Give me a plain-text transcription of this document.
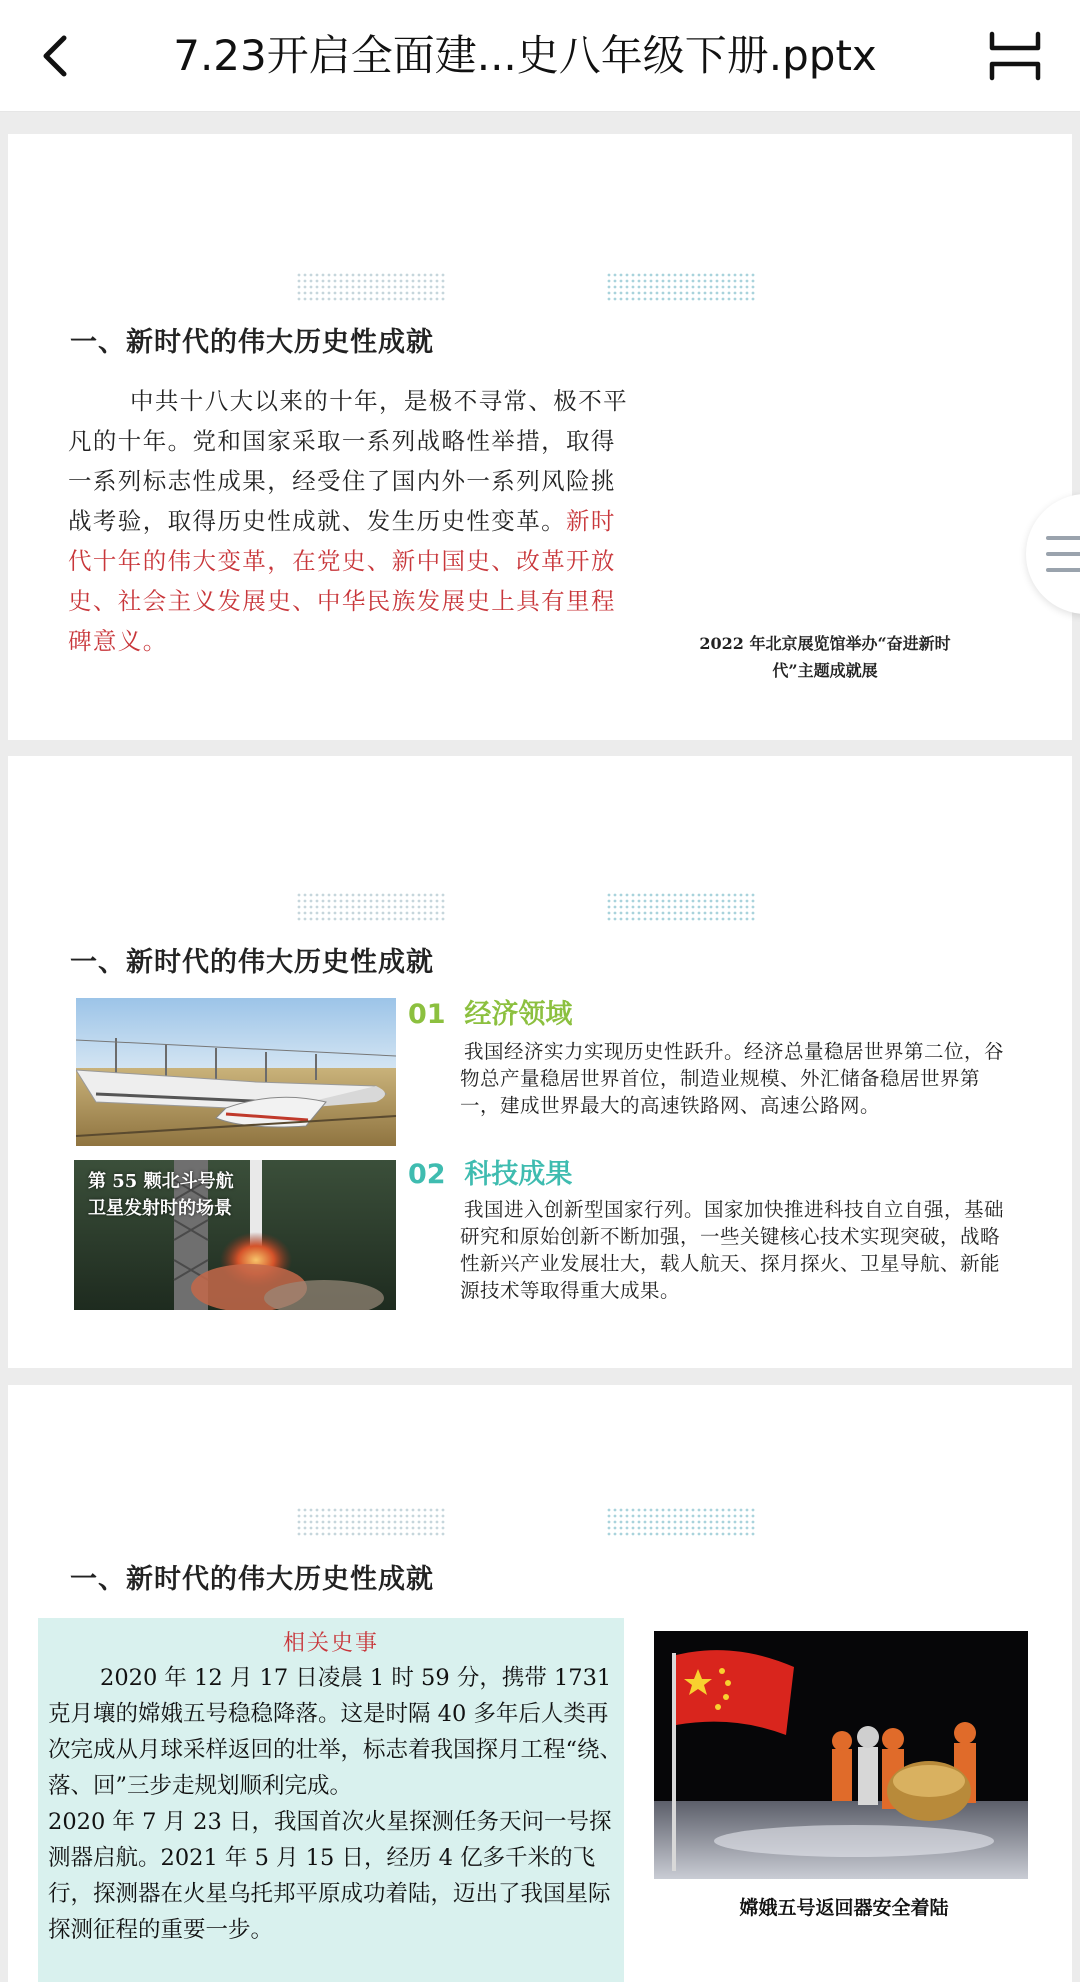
7.23开启全面建...史八年级下册.pptx
一、新时代的伟大历史性成就
中共十八大以来的十年，是极不寻常、极不平凡的十年。党和国家采取一系列战略性举措，取得一系列标志性成果，经受住了国内外一系列风险挑战考验，取得历史性成就、发生历史性变革。新时代十年的伟大变革，在党史、新中国史、改革开放史、社会主义发展史、中华民族发展史上具有里程碑意义。	2022 年北京展览馆举办“奋进新时代”主题成就展
一、新时代的伟大历史性成就
01 经济领域
我国经济实力实现历史性跃升。经济总量稳居世界第二位，谷物总产量稳居世界首位，制造业规模、外汇储备稳居世界第一，建成世界最大的高速铁路网、高速公路网。
第 55 颗北斗号航卫星发射时的场景
02 科技成果
我国进入创新型国家行列。国家加快推进科技自立自强，基础研究和原始创新不断加强，一些关键核心技术实现突破，战略性新兴产业发展壮大，载人航天、探月探火、卫星导航、新能源技术等取得重大成果。
一、新时代的伟大历史性成就
相关史事

2020 年 12 月 17 日凌晨 1 时 59 分，携带 1731 克月壤的嫦娥五号稳稳降落。这是时隔 40 多年后人类再次完成从月球采样返回的壮举，标志着我国探月工程“绕、落、回”三步走规划顺利完成。

2020 年 7 月 23 日，我国首次火星探测任务天问一号探测器启航。2021 年 5 月 15 日，经历 4 亿多千米的飞行，探测器在火星乌托邦平原成功着陆，迈出了我国星际探测征程的重要一步。

嫦娥五号返回器安全着陆
